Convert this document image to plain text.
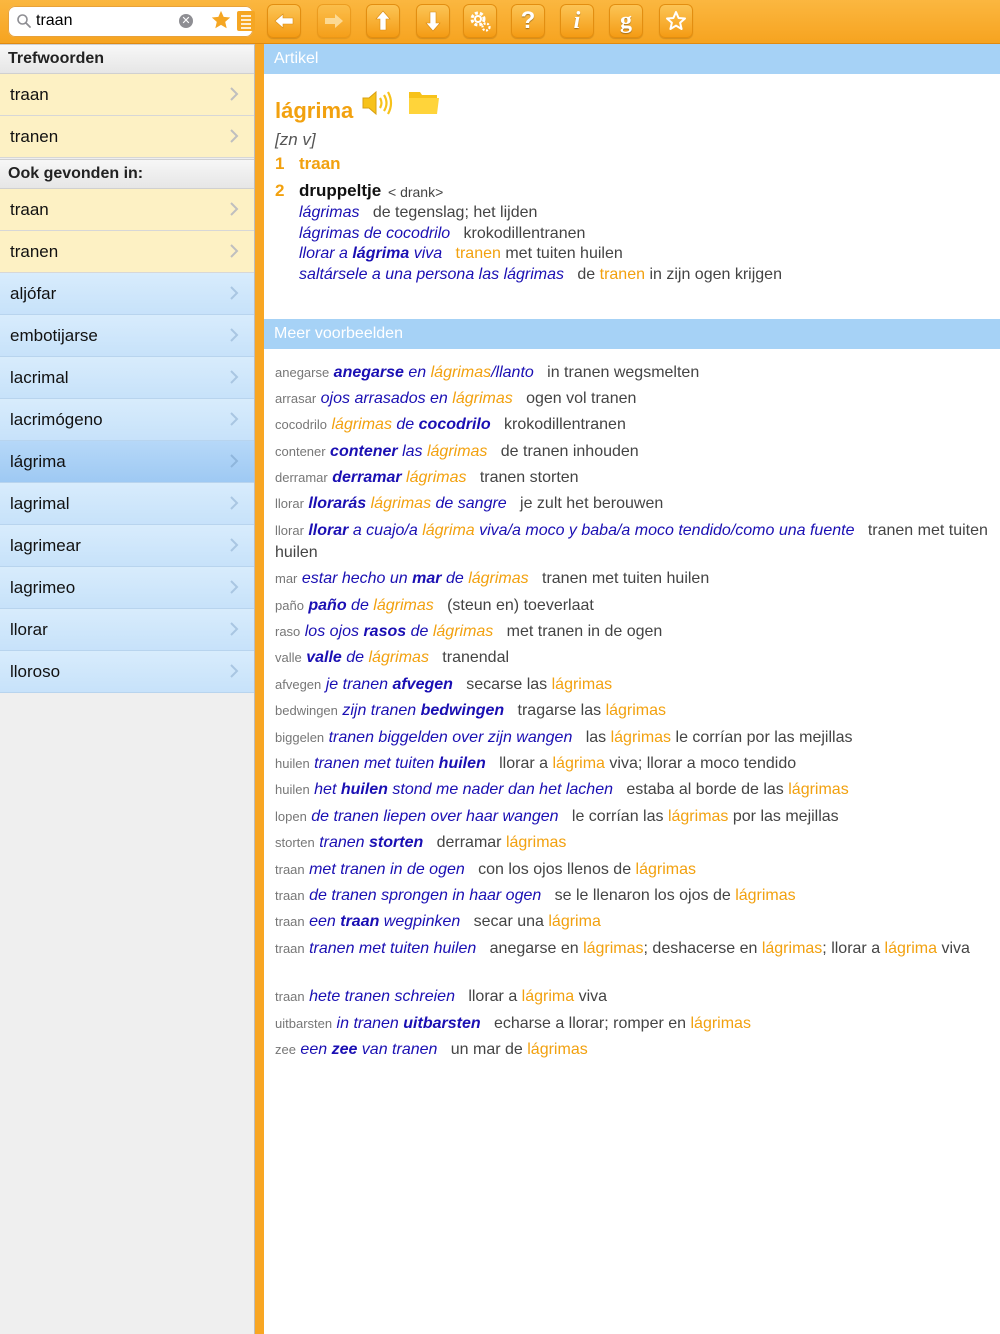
traan
✕	?	i	g
Trefwoorden
traan
tranen
Ook gevonden in:
traan
tranen
aljófar
embotijarse
lacrimal
lacrimógeno
lágrima
lagrimal
lagrimear
lagrimeo
llorar
lloroso
Artikel
lágrima
[zn v]
1 traan
2 druppeltje < drank>
lágrimas de tegenslag; het lijden
lágrimas de cocodrilo krokodillentranen
llorar a lágrima viva tranen met tuiten huilen
saltársele a una persona las lágrimas de tranen in zijn ogen krijgen
Meer voorbeelden
anegarse anegarse en lágrimas/llanto in tranen wegsmelten
arrasar ojos arrasados en lágrimas ogen vol tranen
cocodrilo lágrimas de cocodrilo krokodillentranen
contener contener las lágrimas de tranen inhouden
derramar derramar lágrimas tranen storten
llorar llorarás lágrimas de sangre je zult het berouwen
llorar llorar a cuajo/a lágrima viva/a moco y baba/a moco tendido/como una fuente tranen met tuiten huilen
mar estar hecho un mar de lágrimas tranen met tuiten huilen
paño paño de lágrimas (steun en) toeverlaat
raso los ojos rasos de lágrimas met tranen in de ogen
valle valle de lágrimas tranendal
afvegen je tranen afvegen secarse las lágrimas
bedwingen zijn tranen bedwingen tragarse las lágrimas
biggelen tranen biggelden over zijn wangen las lágrimas le corrían por las mejillas
huilen tranen met tuiten huilen llorar a lágrima viva; llorar a moco tendido
huilen het huilen stond me nader dan het lachen estaba al borde de las lágrimas
lopen de tranen liepen over haar wangen le corrían las lágrimas por las mejillas
storten tranen storten derramar lágrimas
traan met tranen in de ogen con los ojos llenos de lágrimas
traan de tranen sprongen in haar ogen se le llenaron los ojos de lágrimas
traan een traan wegpinken secar una lágrima
traan tranen met tuiten huilen anegarse en lágrimas; deshacerse en lágrimas; llorar a lágrima viva
traan hete tranen schreien llorar a lágrima viva
uitbarsten in tranen uitbarsten echarse a llorar; romper en lágrimas
zee een zee van tranen un mar de lágrimas
